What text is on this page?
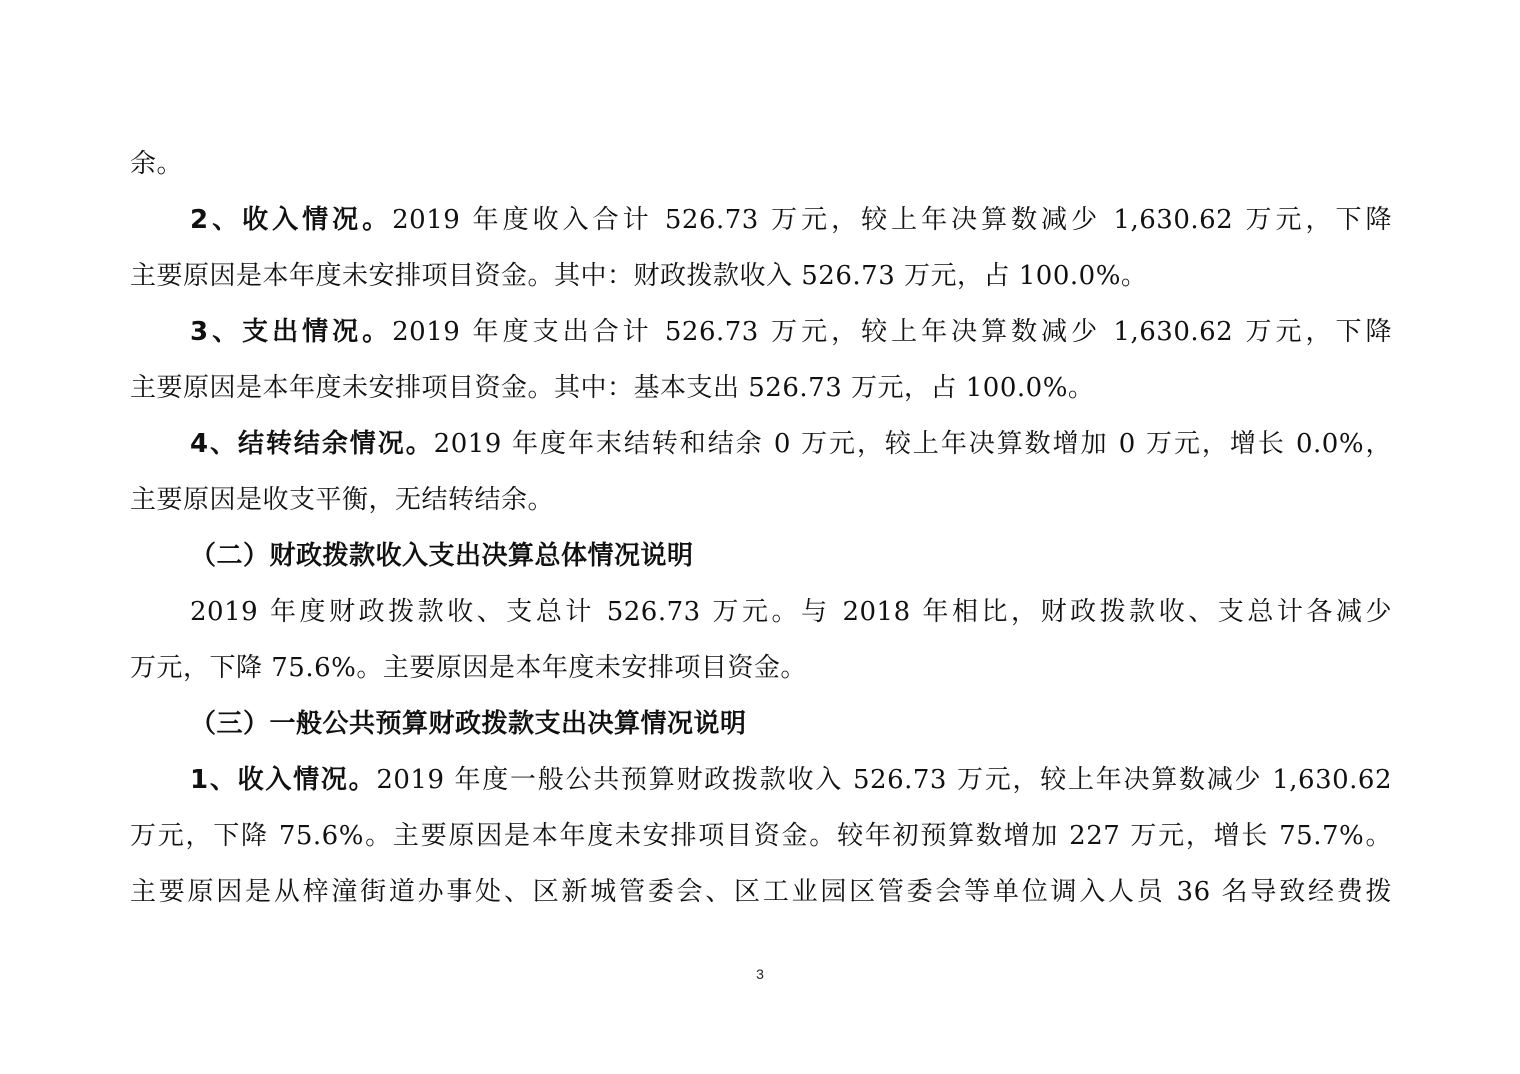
余。
2、收入情况。2019 年度收入合计 526.73 万元，较上年决算数减少 1,630.62 万元，下降
主要原因是本年度未安排项目资金。其中：财政拨款收入 526.73 万元，占 100.0%。
3、支出情况。2019 年度支出合计 526.73 万元，较上年决算数减少 1,630.62 万元，下降
主要原因是本年度未安排项目资金。其中：基本支出 526.73 万元，占 100.0%。
4、结转结余情况。2019 年度年末结转和结余 0 万元，较上年决算数增加 0 万元，增长 0.0%，
主要原因是收支平衡，无结转结余。
（二）财政拨款收入支出决算总体情况说明
2019 年度财政拨款收、支总计 526.73 万元。与 2018 年相比，财政拨款收、支总计各减少
万元，下降 75.6%。主要原因是本年度未安排项目资金。
（三）一般公共预算财政拨款支出决算情况说明
1、收入情况。2019 年度一般公共预算财政拨款收入 526.73 万元，较上年决算数减少 1,630.62
万元，下降 75.6%。主要原因是本年度未安排项目资金。较年初预算数增加 227 万元，增长 75.7%。
主要原因是从梓潼街道办事处、区新城管委会、区工业园区管委会等单位调入人员 36 名导致经费拨
3
